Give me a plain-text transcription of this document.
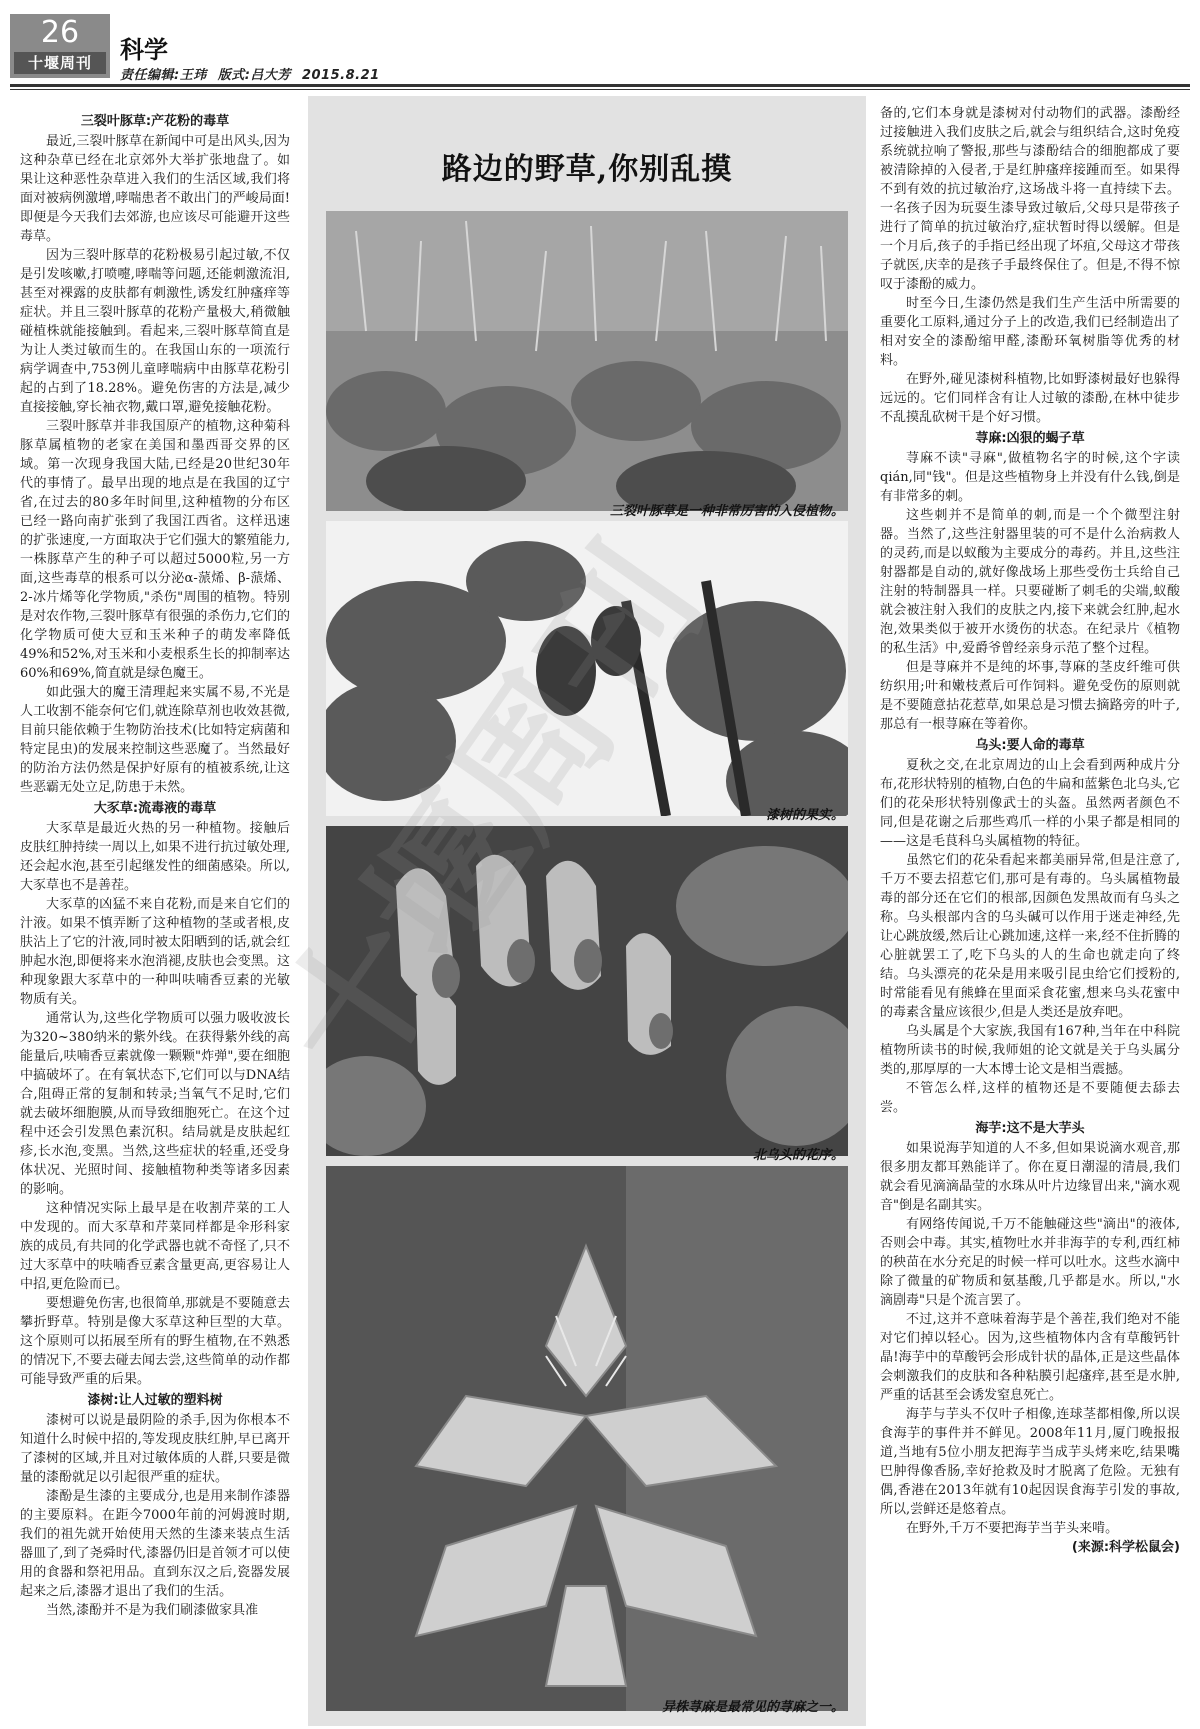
26
十堰周刊	科学
责任编辑:王玮 版式:吕大芳 2015.8.21
三裂叶豚草:产花粉的毒草

最近,三裂叶豚草在新闻中可是出风头,因为这种杂草已经在北京郊外大举扩张地盘了。如果让这种恶性杂草进入我们的生活区域,我们将面对被病例激增,哮喘患者不敢出门的严峻局面!即便是今天我们去郊游,也应该尽可能避开这些毒草。

因为三裂叶豚草的花粉极易引起过敏,不仅是引发咳嗽,打喷嚏,哮喘等问题,还能刺激流泪,甚至对裸露的皮肤都有刺激性,诱发红肿瘙痒等症状。并且三裂叶豚草的花粉产量极大,稍微触碰植株就能接触到。看起来,三裂叶豚草简直是为让人类过敏而生的。在我国山东的一项流行病学调查中,753例儿童哮喘病中由豚草花粉引起的占到了18.28%。避免伤害的方法是,减少直接接触,穿长袖衣物,戴口罩,避免接触花粉。

三裂叶豚草并非我国原产的植物,这种菊科豚草属植物的老家在美国和墨西哥交界的区域。第一次现身我国大陆,已经是20世纪30年代的事情了。最早出现的地点是在我国的辽宁省,在过去的80多年时间里,这种植物的分布区已经一路向南扩张到了我国江西省。这样迅速的扩张速度,一方面取决于它们强大的繁殖能力,一株豚草产生的种子可以超过5000粒,另一方面,这些毒草的根系可以分泌α-蒎烯、β-蒎烯、2-冰片烯等化学物质,"杀伤"周围的植物。特别是对农作物,三裂叶豚草有很强的杀伤力,它们的化学物质可使大豆和玉米种子的萌发率降低49%和52%,对玉米和小麦根系生长的抑制率达60%和69%,简直就是绿色魔王。

如此强大的魔王清理起来实属不易,不光是人工收割不能奈何它们,就连除草剂也收效甚微,目前只能依赖于生物防治技术(比如特定病菌和特定昆虫)的发展来控制这些恶魔了。当然最好的防治方法仍然是保护好原有的植被系统,让这些恶霸无处立足,防患于未然。

大豕草:流毒液的毒草

大豕草是最近火热的另一种植物。接触后皮肤红肿持续一周以上,如果不进行抗过敏处理,还会起水泡,甚至引起继发性的细菌感染。所以,大豕草也不是善茬。

大豕草的凶猛不来自花粉,而是来自它们的汁液。如果不慎弄断了这种植物的茎或者根,皮肤沾上了它的汁液,同时被太阳晒到的话,就会红肿起水泡,即便将来水泡消褪,皮肤也会变黑。这种现象跟大豕草中的一种叫呋喃香豆素的光敏物质有关。

通常认为,这些化学物质可以强力吸收波长为320~380纳米的紫外线。在获得紫外线的高能量后,呋喃香豆素就像一颗颗"炸弹",要在细胞中搞破坏了。在有氧状态下,它们可以与DNA结合,阻碍正常的复制和转录;当氧气不足时,它们就去破坏细胞膜,从而导致细胞死亡。在这个过程中还会引发黑色素沉积。结局就是皮肤起红疹,长水泡,变黑。当然,这些症状的轻重,还受身体状况、光照时间、接触植物种类等诸多因素的影响。

这种情况实际上最早是在收割芹菜的工人中发现的。而大豕草和芹菜同样都是伞形科家族的成员,有共同的化学武器也就不奇怪了,只不过大豕草中的呋喃香豆素含量更高,更容易让人中招,更危险而已。

要想避免伤害,也很简单,那就是不要随意去攀折野草。特别是像大豕草这种巨型的大草。这个原则可以拓展至所有的野生植物,在不熟悉的情况下,不要去碰去闻去尝,这些简单的动作都可能导致严重的后果。

漆树:让人过敏的塑料树

漆树可以说是最阴险的杀手,因为你根本不知道什么时候中招的,等发现皮肤红肿,早已离开了漆树的区域,并且对过敏体质的人群,只要是微量的漆酚就足以引起很严重的症状。

漆酚是生漆的主要成分,也是用来制作漆器的主要原料。在距今7000年前的河姆渡时期,我们的祖先就开始使用天然的生漆来装点生活器皿了,到了尧舜时代,漆器仍旧是首领才可以使用的食器和祭祀用品。直到东汉之后,瓷器发展起来之后,漆器才退出了我们的生活。

当然,漆酚并不是为我们刷漆做家具准

路边的野草,你别乱摸
三裂叶豚草是一种非常厉害的入侵植物。
漆树的果实。
北乌头的花序。
异株荨麻是最常见的荨麻之一。

备的,它们本身就是漆树对付动物们的武器。漆酚经过接触进入我们皮肤之后,就会与组织结合,这时免疫系统就拉响了警报,那些与漆酚结合的细胞都成了要被清除掉的入侵者,于是红肿瘙痒接踵而至。如果得不到有效的抗过敏治疗,这场战斗将一直持续下去。一名孩子因为玩耍生漆导致过敏后,父母只是带孩子进行了简单的抗过敏治疗,症状暂时得以缓解。但是一个月后,孩子的手指已经出现了坏疽,父母这才带孩子就医,庆幸的是孩子手最终保住了。但是,不得不惊叹于漆酚的威力。

时至今日,生漆仍然是我们生产生活中所需要的重要化工原料,通过分子上的改造,我们已经制造出了相对安全的漆酚缩甲醛,漆酚环氧树脂等优秀的材料。

在野外,碰见漆树科植物,比如野漆树最好也躲得远远的。它们同样含有让人过敏的漆酚,在林中徒步不乱摸乱砍树干是个好习惯。

荨麻:凶狠的蝎子草

荨麻不读"寻麻",做植物名字的时候,这个字读qián,同"钱"。但是这些植物身上并没有什么钱,倒是有非常多的刺。

这些刺并不是简单的刺,而是一个个微型注射器。当然了,这些注射器里装的可不是什么治病救人的灵药,而是以蚁酸为主要成分的毒药。并且,这些注射器都是自动的,就好像战场上那些受伤士兵给自己注射的特制器具一样。只要碰断了刺毛的尖端,蚁酸就会被注射入我们的皮肤之内,接下来就会红肿,起水泡,效果类似于被开水烫伤的状态。在纪录片《植物的私生活》中,爱爵爷曾经亲身示范了整个过程。

但是荨麻并不是纯的坏事,荨麻的茎皮纤维可供纺织用;叶和嫩枝煮后可作饲料。避免受伤的原则就是不要随意拈花惹草,如果总是习惯去摘路旁的叶子,那总有一根荨麻在等着你。

乌头:要人命的毒草

夏秋之交,在北京周边的山上会看到两种成片分布,花形状特别的植物,白色的牛扁和蓝紫色北乌头,它们的花朵形状特别像武士的头盔。虽然两者颜色不同,但是花谢之后那些鸡爪一样的小果子都是相同的——这是毛茛科乌头属植物的特征。

虽然它们的花朵看起来都美丽异常,但是注意了,千万不要去招惹它们,那可是有毒的。乌头属植物最毒的部分还在它们的根部,因颜色发黑故而有乌头之称。乌头根部内含的乌头碱可以作用于迷走神经,先让心跳放缓,然后让心跳加速,这样一来,经不住折腾的心脏就罢工了,吃下乌头的人的生命也就走向了终结。乌头漂亮的花朵是用来吸引昆虫给它们授粉的,时常能看见有熊蜂在里面采食花蜜,想来乌头花蜜中的毒素含量应该很少,但是人类还是放弃吧。

乌头属是个大家族,我国有167种,当年在中科院植物所读书的时候,我师姐的论文就是关于乌头属分类的,那厚厚的一大本博士论文是相当震撼。

不管怎么样,这样的植物还是不要随便去舔去尝。

海芋:这不是大芋头

如果说海芋知道的人不多,但如果说滴水观音,那很多朋友都耳熟能详了。你在夏日潮湿的清晨,我们就会看见滴滴晶莹的水珠从叶片边缘冒出来,"滴水观音"倒是名副其实。

有网络传闻说,千万不能触碰这些"滴出"的液体,否则会中毒。其实,植物吐水并非海芋的专利,西红柿的秧苗在水分充足的时候一样可以吐水。这些水滴中除了微量的矿物质和氨基酸,几乎都是水。所以,"水滴剧毒"只是个流言罢了。

不过,这并不意味着海芋是个善茬,我们绝对不能对它们掉以轻心。因为,这些植物体内含有草酸钙针晶!海芋中的草酸钙会形成针状的晶体,正是这些晶体会刺激我们的皮肤和各种粘膜引起瘙痒,甚至是水肿,严重的话甚至会诱发窒息死亡。

海芋与芋头不仅叶子相像,连球茎都相像,所以误食海芋的事件并不鲜见。2008年11月,厦门晚报报道,当地有5位小朋友把海芋当成芋头烤来吃,结果嘴巴肿得像香肠,幸好抢救及时才脱离了危险。无独有偶,香港在2013年就有10起因误食海芋引发的事故,所以,尝鲜还是悠着点。

在野外,千万不要把海芋当芋头来啃。

(来源:科学松鼠会)
